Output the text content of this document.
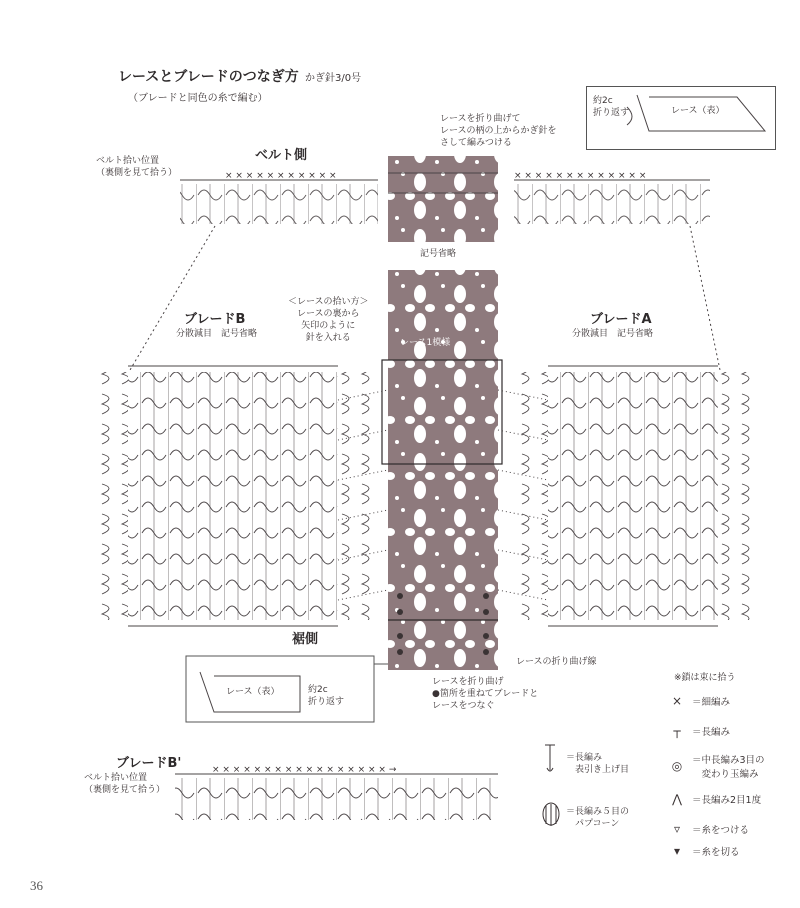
レースとブレードのつなぎ方 かぎ針3/0号
（ブレードと同色の糸で編む）	約2c
折り返す	レース（表）
レースを折り曲げて
レースの柄の上からかぎ針を
さして編みつける
ベルト側
ベルト拾い位置
（裏側を見て拾う）	× × × × × × × × × × ×	× × × × × × × × × × × × ×
× × × × × × × × × × × × × × × × × →
記号省略
ブレードB
分散減目　記号省略
ブレードA
分散減目　記号省略
＜レースの拾い方＞
レースの裏から
矢印のように
針を入れる	レース1模様
裾側
レースの折り曲げ線
レース（表）	約2c
折り返す
レースを折り曲げ
●箇所を重ねてブレードと
レースをつなぐ
ブレードB'
ベルト拾い位置
（裏側を見て拾う）
※鎖は束に拾う
×	＝細編み
┬	＝長編み
◎	＝中長編み3目の
　変わり玉編み
⋀	＝長編み2目1度
▿	＝糸をつける
▾	＝糸を切る
＝長編み
　表引き上げ目
＝長編み５目の
　パプコーン
36
